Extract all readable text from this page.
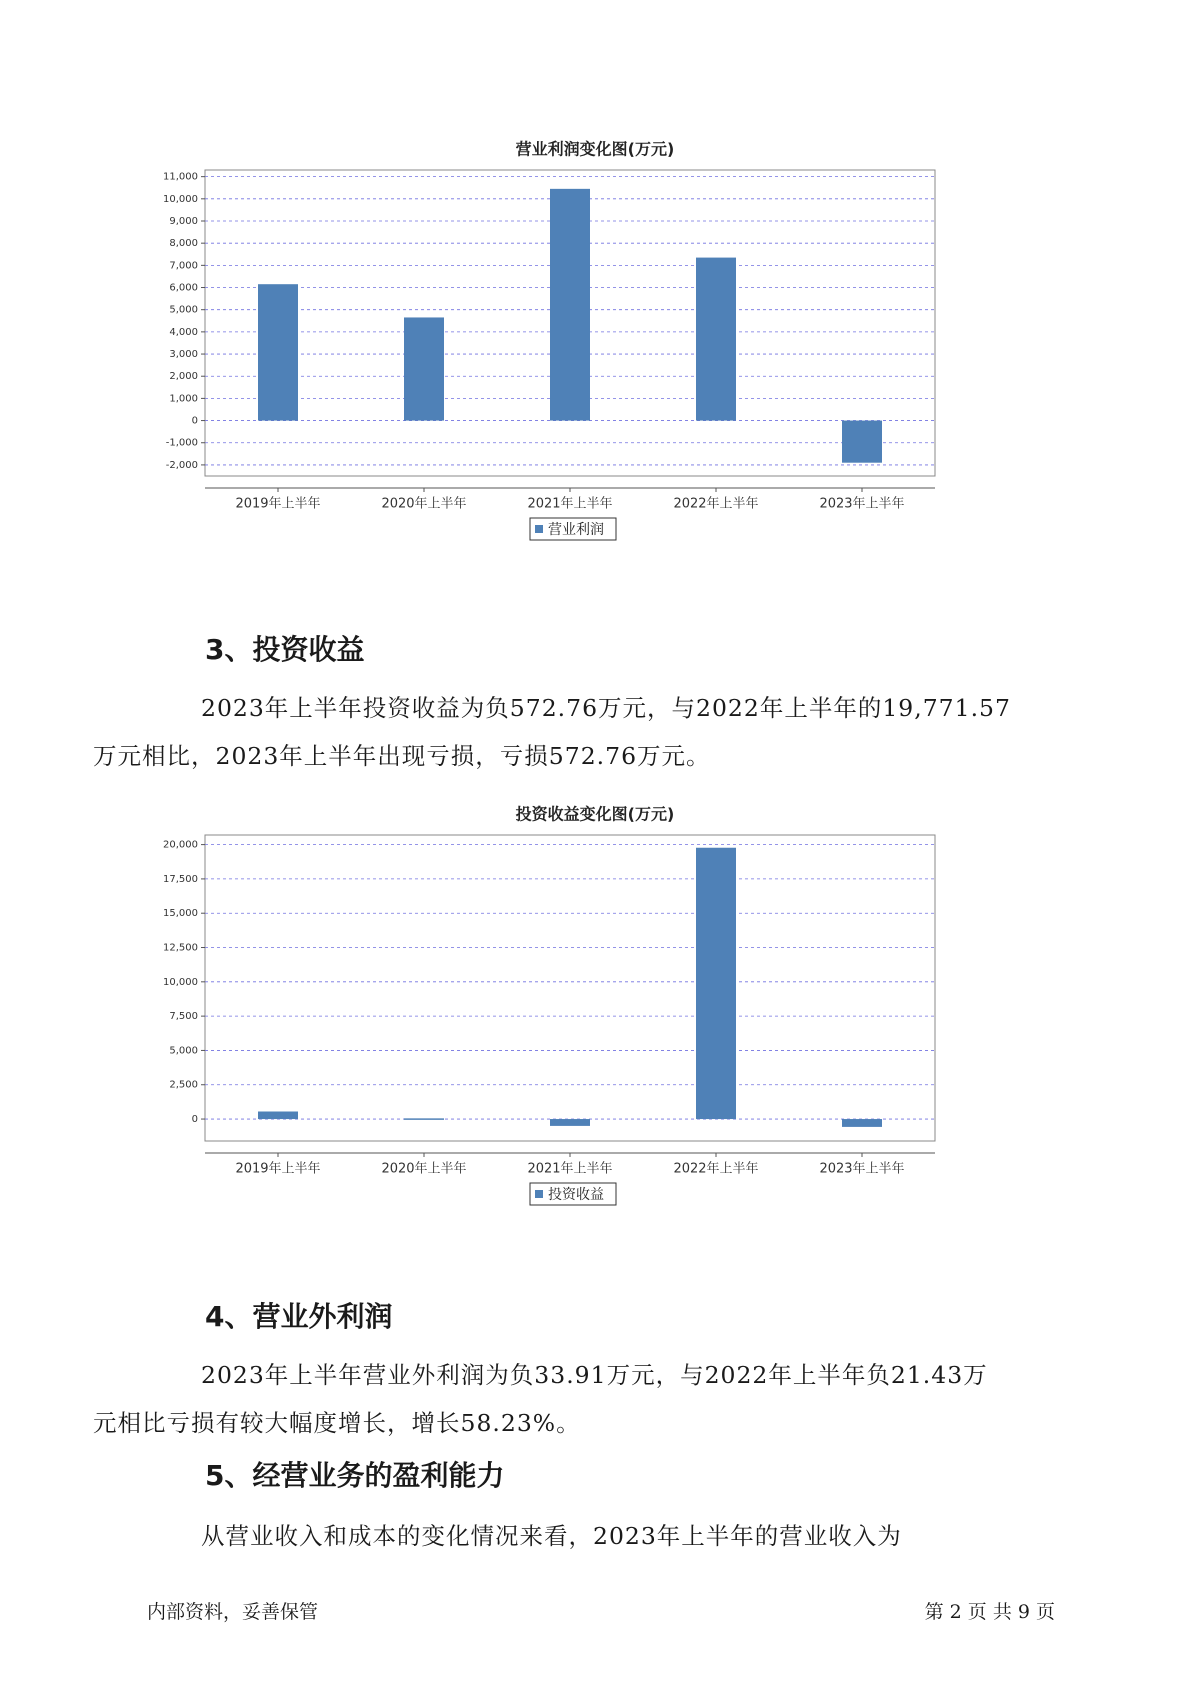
营业利润变化图(万元)
-2,000
-1,000
0
1,000
2,000
3,000
4,000
5,000
6,000
7,000
8,000
9,000
10,000
11,000
2019年上半年	2020年上半年	2021年上半年	2022年上半年	2023年上半年
营业利润
3、投资收益

2023年上半年投资收益为负572.76万元，与2022年上半年的19,771.57
万元相比，2023年上半年出现亏损，亏损572.76万元。

投资收益变化图(万元)
0
2,500
5,000
7,500
10,000
12,500
15,000
17,500
20,000
2019年上半年	2020年上半年	2021年上半年	2022年上半年	2023年上半年
投资收益
4、营业外利润

2023年上半年营业外利润为负33.91万元，与2022年上半年负21.43万
元相比亏损有较大幅度增长，增长58.23%。

5、经营业务的盈利能力

从营业收入和成本的变化情况来看，2023年上半年的营业收入为

内部资料，妥善保管	第 2 页 共 9 页
